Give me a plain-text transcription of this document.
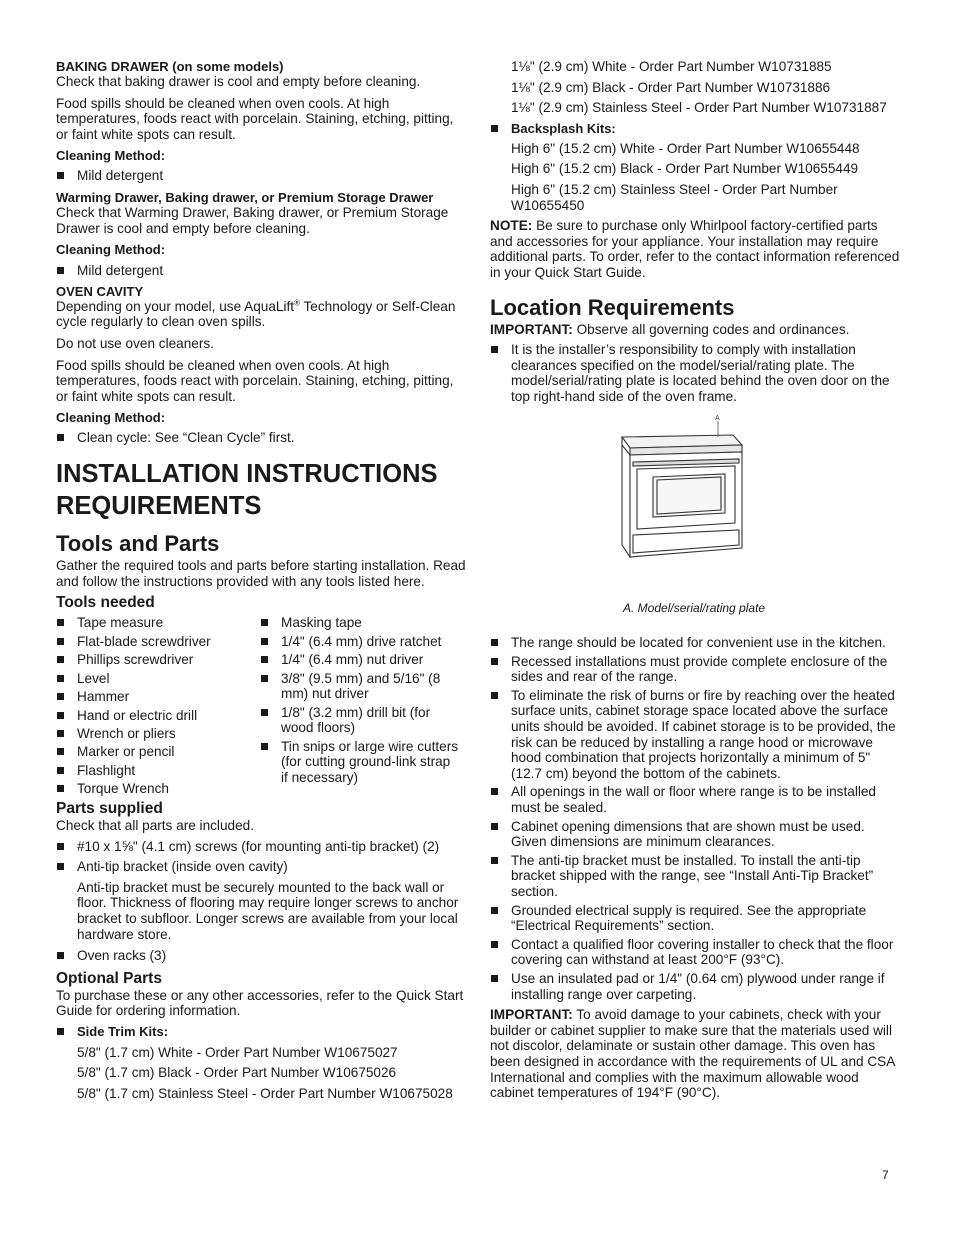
BAKING DRAWER (on some models)

Check that baking drawer is cool and empty before cleaning.

Food spills should be cleaned when oven cools. At high temperatures, foods react with porcelain. Staining, etching, pitting, or faint white spots can result.

Cleaning Method:

Mild detergent

Warming Drawer, Baking drawer, or Premium Storage Drawer

Check that Warming Drawer, Baking drawer, or Premium Storage Drawer is cool and empty before cleaning.

Cleaning Method:

Mild detergent

OVEN CAVITY

Depending on your model, use AquaLift® Technology or Self-Clean cycle regularly to clean oven spills.

Do not use oven cleaners.

Food spills should be cleaned when oven cools. At high temperatures, foods react with porcelain. Staining, etching, pitting, or faint white spots can result.

Cleaning Method:

Clean cycle: See “Clean Cycle” first.

INSTALLATION INSTRUCTIONS
REQUIREMENTS
Tools and Parts

Gather the required tools and parts before starting installation. Read and follow the instructions provided with any tools listed here.

Tools needed

Tape measure

Flat-blade screwdriver

Phillips screwdriver

Level

Hammer

Hand or electric drill

Wrench or pliers

Marker or pencil

Flashlight

Torque Wrench

Masking tape

1/4" (6.4 mm) drive ratchet

1/4" (6.4 mm) nut driver

3/8" (9.5 mm) and 5/16" (8 mm) nut driver

1/8" (3.2 mm) drill bit (for wood floors)

Tin snips or large wire cutters (for cutting ground-link strap if necessary)

Parts supplied

Check that all parts are included.

#10 x 1⅝" (4.1 cm) screws (for mounting anti-tip bracket) (2)

Anti-tip bracket (inside oven cavity)

Anti-tip bracket must be securely mounted to the back wall or floor. Thickness of flooring may require longer screws to anchor bracket to subfloor. Longer screws are available from your local hardware store.

Oven racks (3)

Optional Parts

To purchase these or any other accessories, refer to the Quick Start Guide for ordering information.

Side Trim Kits:

5/8" (1.7 cm) White - Order Part Number W10675027

5/8" (1.7 cm) Black - Order Part Number W10675026

5/8" (1.7 cm) Stainless Steel - Order Part Number W10675028

1⅛" (2.9 cm) White - Order Part Number W10731885

1⅛" (2.9 cm) Black - Order Part Number W10731886

1⅛" (2.9 cm) Stainless Steel - Order Part Number W10731887

Backsplash Kits:

High 6" (15.2 cm) White - Order Part Number W10655448

High 6" (15.2 cm) Black - Order Part Number W10655449

High 6" (15.2 cm) Stainless Steel - Order Part Number W10655450

NOTE: Be sure to purchase only Whirlpool factory-certified parts and accessories for your appliance. Your installation may require additional parts. To order, refer to the contact information referenced in your Quick Start Guide.

Location Requirements

IMPORTANT: Observe all governing codes and ordinances.

It is the installer’s responsibility to comply with installation clearances specified on the model/serial/rating plate. The model/serial/rating plate is located behind the oven door on the top right-hand side of the oven frame.

A

A. Model/serial/rating plate

The range should be located for convenient use in the kitchen.

Recessed installations must provide complete enclosure of the sides and rear of the range.

To eliminate the risk of burns or fire by reaching over the heated surface units, cabinet storage space located above the surface units should be avoided. If cabinet storage is to be provided, the risk can be reduced by installing a range hood or microwave hood combination that projects horizontally a minimum of 5" (12.7 cm) beyond the bottom of the cabinets.

All openings in the wall or floor where range is to be installed must be sealed.

Cabinet opening dimensions that are shown must be used. Given dimensions are minimum clearances.

The anti-tip bracket must be installed. To install the anti-tip bracket shipped with the range, see “Install Anti-Tip Bracket” section.

Grounded electrical supply is required. See the appropriate “Electrical Requirements” section.

Contact a qualified floor covering installer to check that the floor covering can withstand at least 200°F (93°C).

Use an insulated pad or 1/4" (0.64 cm) plywood under range if installing range over carpeting.

IMPORTANT: To avoid damage to your cabinets, check with your builder or cabinet supplier to make sure that the materials used will not discolor, delaminate or sustain other damage. This oven has been designed in accordance with the requirements of UL and CSA International and complies with the maximum allowable wood cabinet temperatures of 194°F (90°C).

7
